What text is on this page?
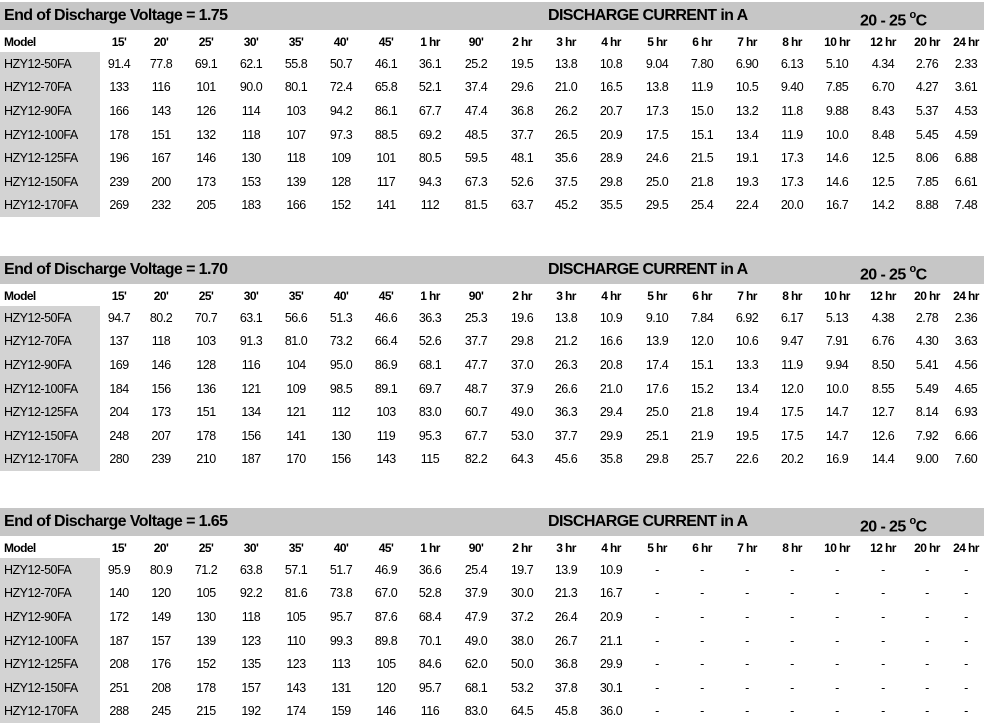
End of Discharge Voltage = 1.75	DISCHARGE CURRENT in A	20 - 25 $^o$C
Model	15'	20'	25'	30'	35'	40'	45'	1 hr	90'	2 hr	3 hr	4 hr	5 hr	6 hr	7 hr	8 hr	10 hr	12 hr	20 hr	24 hr
HZY12-50FA	91.4	77.8	69.1	62.1	55.8	50.7	46.1	36.1	25.2	19.5	13.8	10.8	9.04	7.80	6.90	6.13	5.10	4.34	2.76	2.33
HZY12-70FA	133	116	101	90.0	80.1	72.4	65.8	52.1	37.4	29.6	21.0	16.5	13.8	11.9	10.5	9.40	7.85	6.70	4.27	3.61
HZY12-90FA	166	143	126	114	103	94.2	86.1	67.7	47.4	36.8	26.2	20.7	17.3	15.0	13.2	11.8	9.88	8.43	5.37	4.53
HZY12-100FA	178	151	132	118	107	97.3	88.5	69.2	48.5	37.7	26.5	20.9	17.5	15.1	13.4	11.9	10.0	8.48	5.45	4.59
HZY12-125FA	196	167	146	130	118	109	101	80.5	59.5	48.1	35.6	28.9	24.6	21.5	19.1	17.3	14.6	12.5	8.06	6.88
HZY12-150FA	239	200	173	153	139	128	117	94.3	67.3	52.6	37.5	29.8	25.0	21.8	19.3	17.3	14.6	12.5	7.85	6.61
HZY12-170FA	269	232	205	183	166	152	141	112	81.5	63.7	45.2	35.5	29.5	25.4	22.4	20.0	16.7	14.2	8.88	7.48
End of Discharge Voltage = 1.70	DISCHARGE CURRENT in A	20 - 25 $^o$C
Model	15'	20'	25'	30'	35'	40'	45'	1 hr	90'	2 hr	3 hr	4 hr	5 hr	6 hr	7 hr	8 hr	10 hr	12 hr	20 hr	24 hr
HZY12-50FA	94.7	80.2	70.7	63.1	56.6	51.3	46.6	36.3	25.3	19.6	13.8	10.9	9.10	7.84	6.92	6.17	5.13	4.38	2.78	2.36
HZY12-70FA	137	118	103	91.3	81.0	73.2	66.4	52.6	37.7	29.8	21.2	16.6	13.9	12.0	10.6	9.47	7.91	6.76	4.30	3.63
HZY12-90FA	169	146	128	116	104	95.0	86.9	68.1	47.7	37.0	26.3	20.8	17.4	15.1	13.3	11.9	9.94	8.50	5.41	4.56
HZY12-100FA	184	156	136	121	109	98.5	89.1	69.7	48.7	37.9	26.6	21.0	17.6	15.2	13.4	12.0	10.0	8.55	5.49	4.65
HZY12-125FA	204	173	151	134	121	112	103	83.0	60.7	49.0	36.3	29.4	25.0	21.8	19.4	17.5	14.7	12.7	8.14	6.93
HZY12-150FA	248	207	178	156	141	130	119	95.3	67.7	53.0	37.7	29.9	25.1	21.9	19.5	17.5	14.7	12.6	7.92	6.66
HZY12-170FA	280	239	210	187	170	156	143	115	82.2	64.3	45.6	35.8	29.8	25.7	22.6	20.2	16.9	14.4	9.00	7.60
End of Discharge Voltage = 1.65	DISCHARGE CURRENT in A	20 - 25 $^o$C
Model	15'	20'	25'	30'	35'	40'	45'	1 hr	90'	2 hr	3 hr	4 hr	5 hr	6 hr	7 hr	8 hr	10 hr	12 hr	20 hr	24 hr
HZY12-50FA	95.9	80.9	71.2	63.8	57.1	51.7	46.9	36.6	25.4	19.7	13.9	10.9	-	-	-	-	-	-	-	-
HZY12-70FA	140	120	105	92.2	81.6	73.8	67.0	52.8	37.9	30.0	21.3	16.7	-	-	-	-	-	-	-	-
HZY12-90FA	172	149	130	118	105	95.7	87.6	68.4	47.9	37.2	26.4	20.9	-	-	-	-	-	-	-	-
HZY12-100FA	187	157	139	123	110	99.3	89.8	70.1	49.0	38.0	26.7	21.1	-	-	-	-	-	-	-	-
HZY12-125FA	208	176	152	135	123	113	105	84.6	62.0	50.0	36.8	29.9	-	-	-	-	-	-	-	-
HZY12-150FA	251	208	178	157	143	131	120	95.7	68.1	53.2	37.8	30.1	-	-	-	-	-	-	-	-
HZY12-170FA	288	245	215	192	174	159	146	116	83.0	64.5	45.8	36.0	-	-	-	-	-	-	-	-
